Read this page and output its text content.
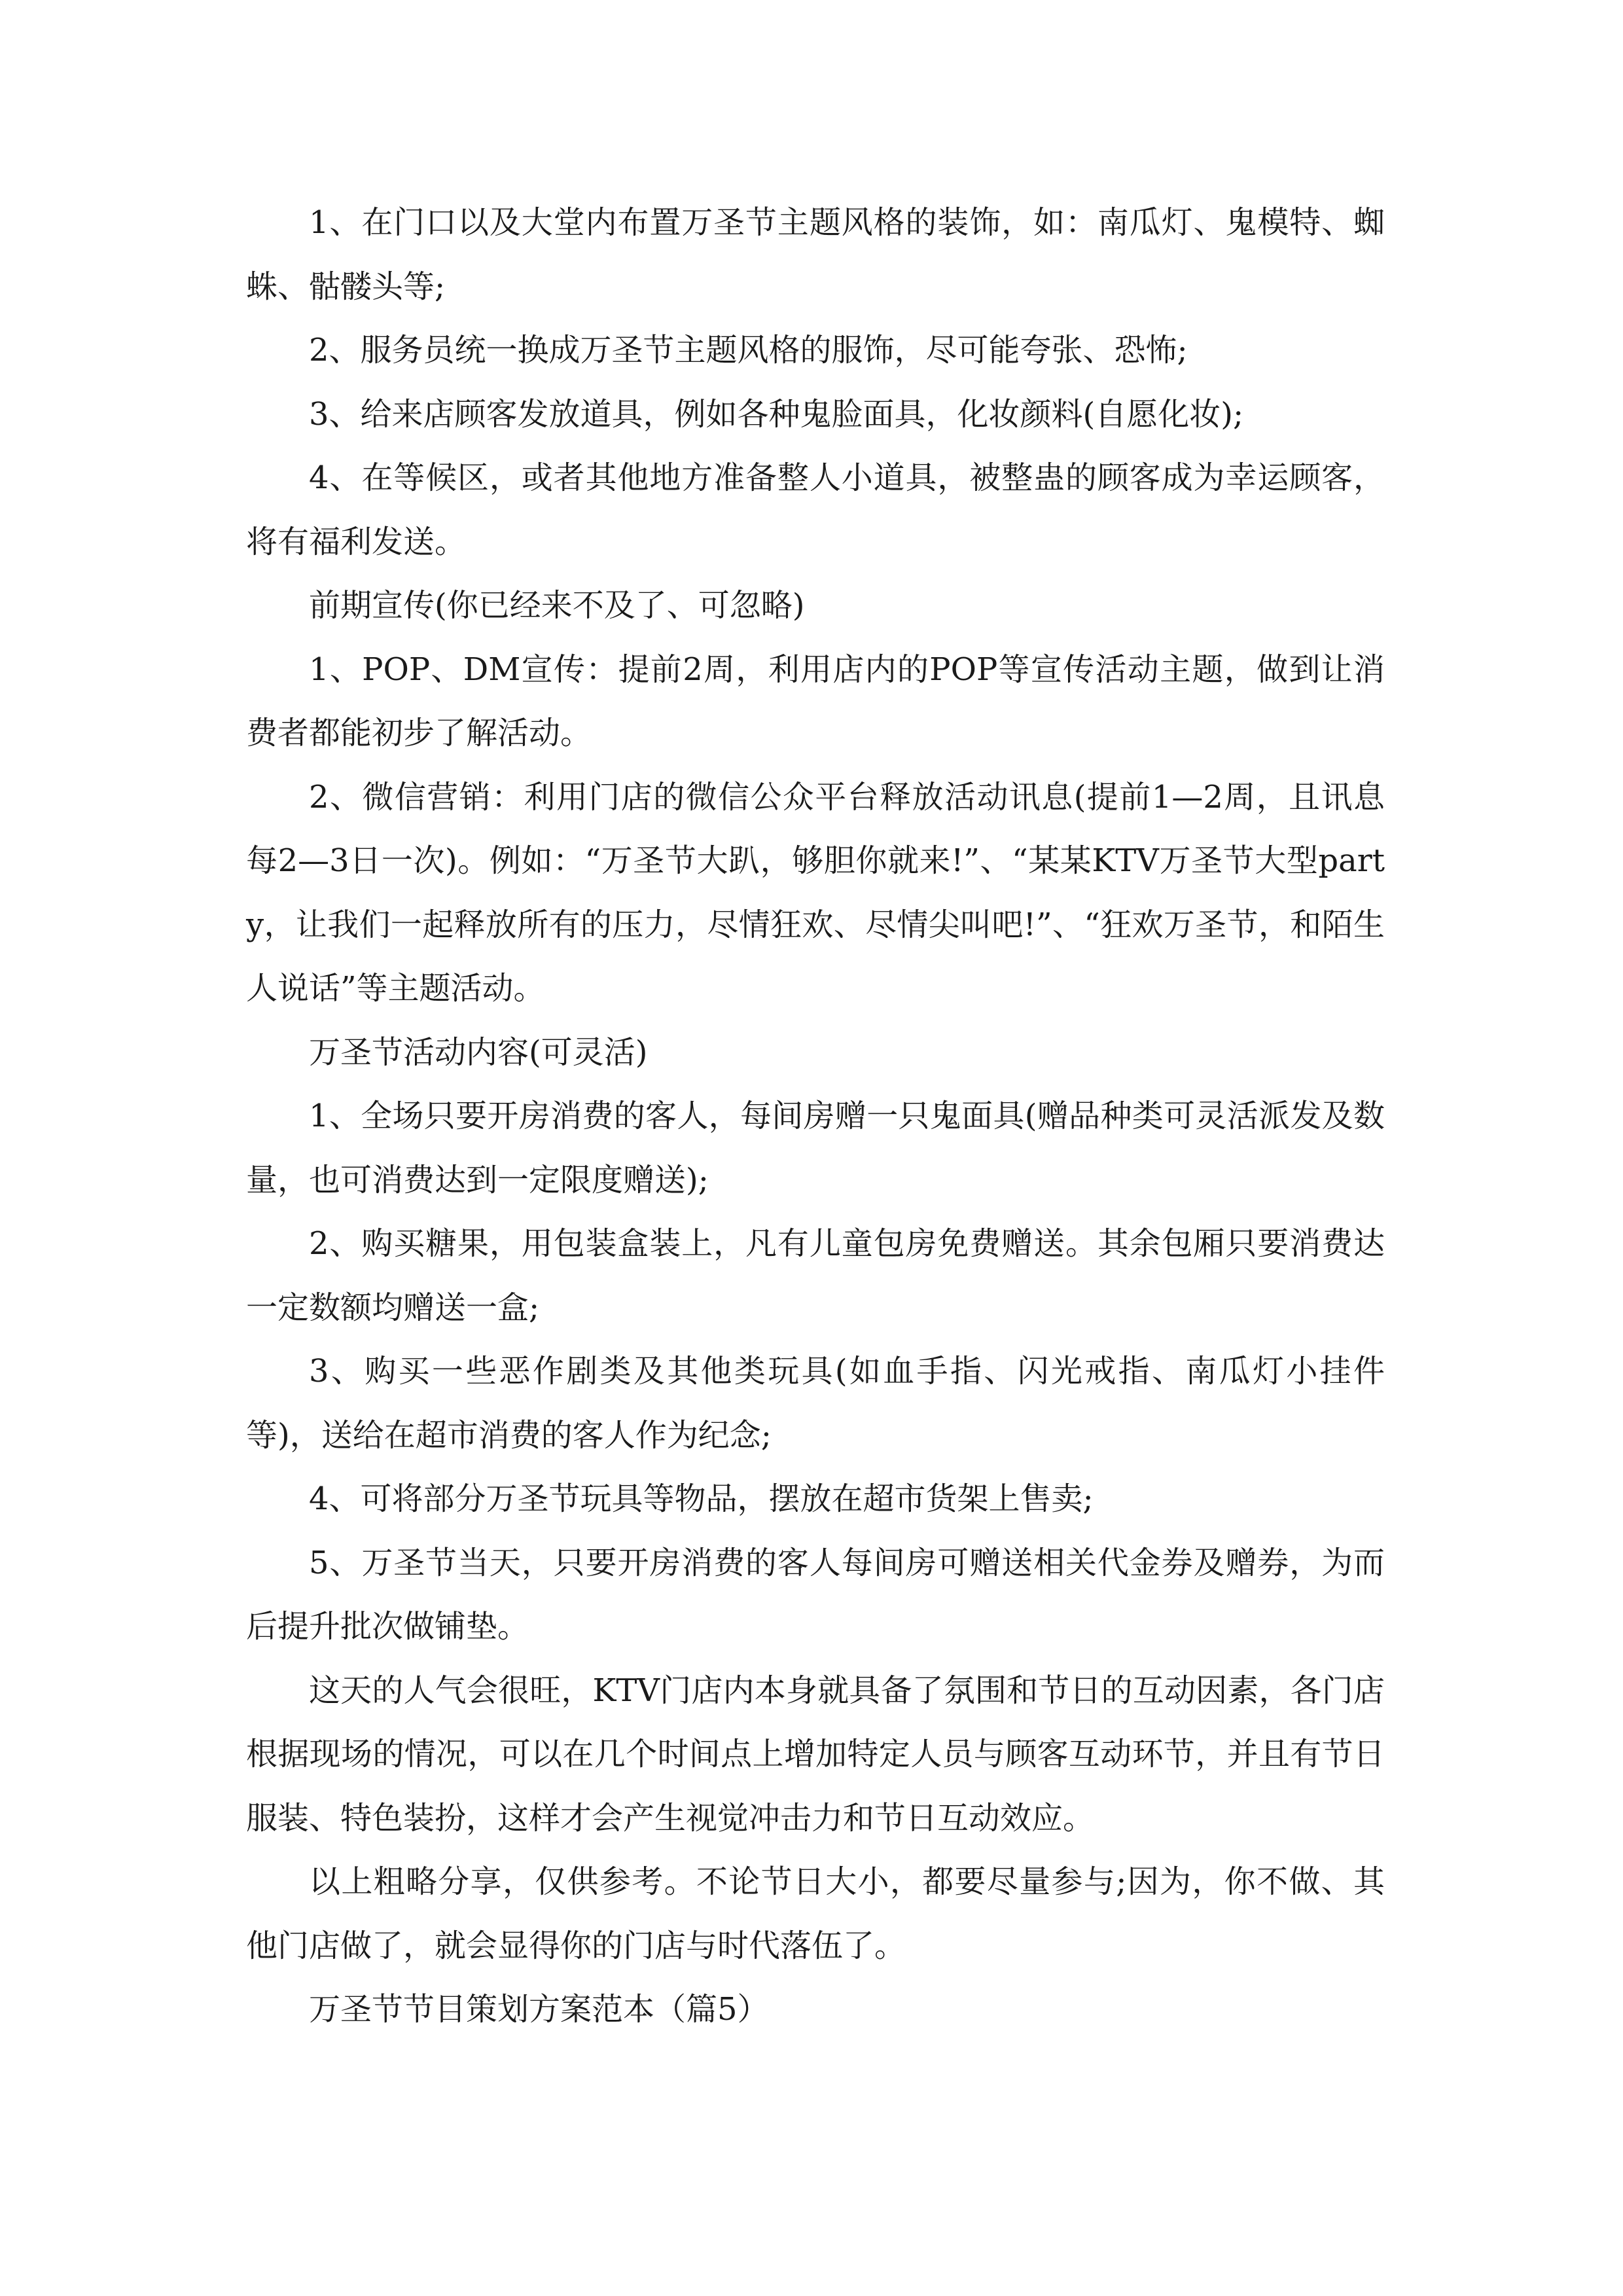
1、在门口以及大堂内布置万圣节主题风格的装饰，如：南瓜灯、鬼模特、蜘蛛、骷髅头等;

2、服务员统一换成万圣节主题风格的服饰，尽可能夸张、恐怖;

3、给来店顾客发放道具，例如各种鬼脸面具，化妆颜料(自愿化妆);

4、在等候区，或者其他地方准备整人小道具，被整蛊的顾客成为幸运顾客，将有福利发送。

前期宣传(你已经来不及了、可忽略)

1、POP、DM宣传：提前2周，利用店内的POP等宣传活动主题，做到让消费者都能初步了解活动。

2、微信营销：利用门店的微信公众平台释放活动讯息(提前1—2周，且讯息每2—3日一次)。例如：“万圣节大趴，够胆你就来!”、“某某KTV万圣节大型party，让我们一起释放所有的压力，尽情狂欢、尽情尖叫吧!”、“狂欢万圣节，和陌生人说话”等主题活动。

万圣节活动内容(可灵活)

1、全场只要开房消费的客人，每间房赠一只鬼面具(赠品种类可灵活派发及数量，也可消费达到一定限度赠送);

2、购买糖果，用包装盒装上，凡有儿童包房免费赠送。其余包厢只要消费达一定数额均赠送一盒;

3、购买一些恶作剧类及其他类玩具(如血手指、闪光戒指、南瓜灯小挂件等)，送给在超市消费的客人作为纪念;

4、可将部分万圣节玩具等物品，摆放在超市货架上售卖;

5、万圣节当天，只要开房消费的客人每间房可赠送相关代金券及赠券，为而后提升批次做铺垫。

这天的人气会很旺，KTV门店内本身就具备了氛围和节日的互动因素，各门店根据现场的情况，可以在几个时间点上增加特定人员与顾客互动环节，并且有节日服装、特色装扮，这样才会产生视觉冲击力和节日互动效应。

以上粗略分享，仅供参考。不论节日大小，都要尽量参与;因为，你不做、其他门店做了，就会显得你的门店与时代落伍了。

万圣节节目策划方案范本（篇5）
